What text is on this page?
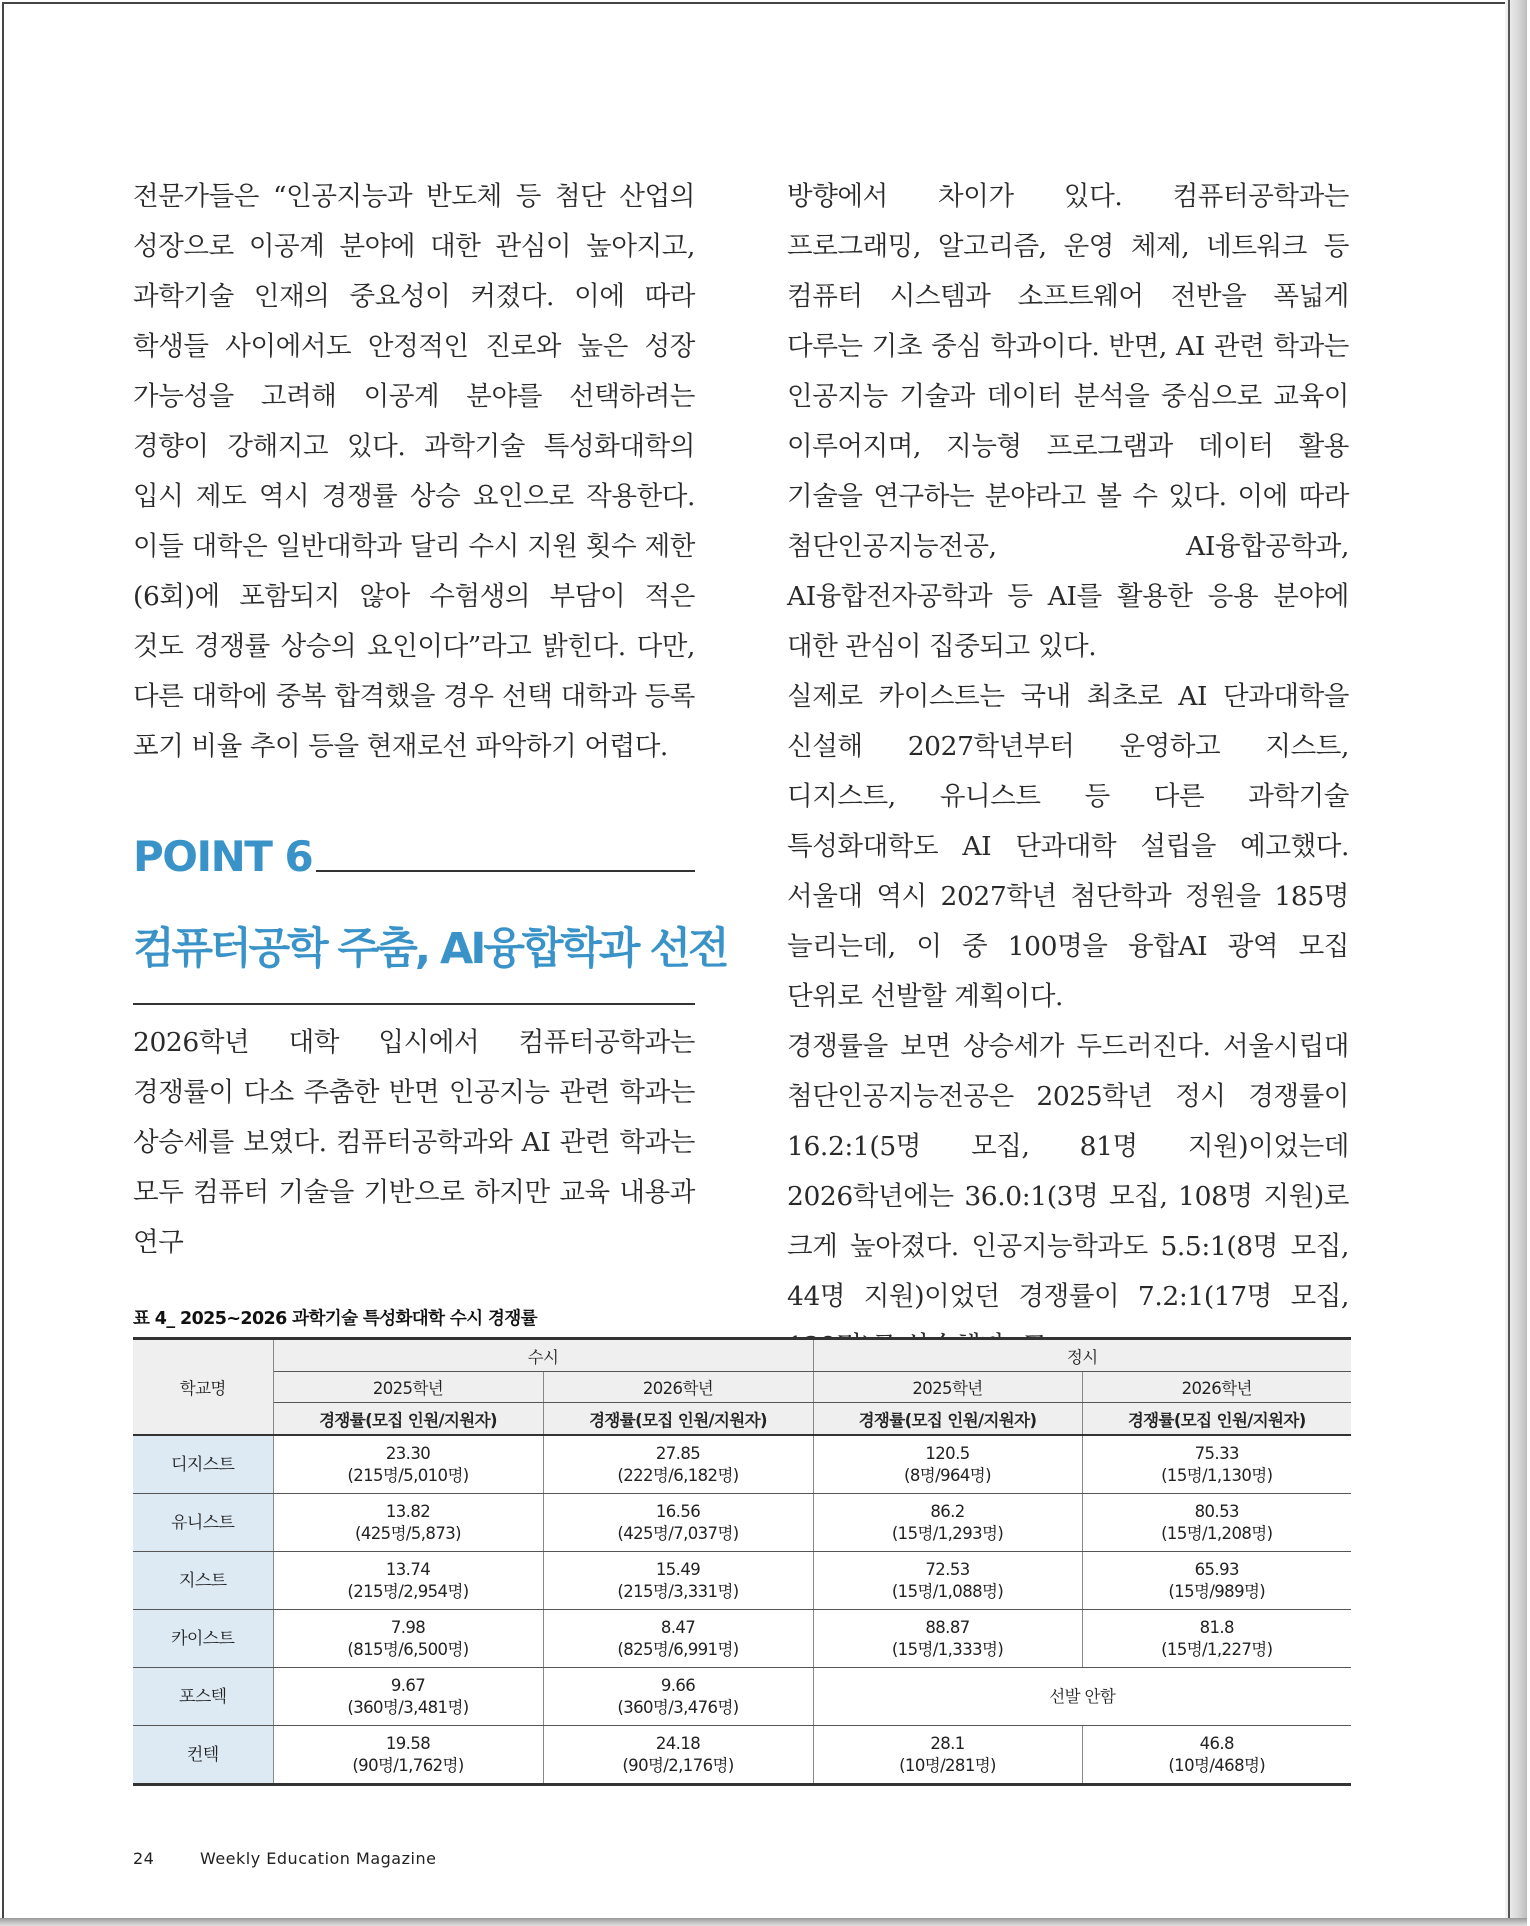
전문가들은 “인공지능과 반도체 등 첨단 산업의 성장으로 이공계 분야에 대한 관심이 높아지고, 과학기술 인재의 중요성이 커졌다. 이에 따라 학생들 사이에서도 안정적인 진로와 높은 성장 가능성을 고려해 이공계 분야를 선택하려는 경향이 강해지고 있다. 과학기술 특성화대학의 입시 제도 역시 경쟁률 상승 요인으로 작용한다. 이들 대학은 일반대학과 달리 수시 지원 횟수 제한(6회)에 포함되지 않아 수험생의 부담이 적은 것도 경쟁률 상승의 요인이다”라고 밝힌다. 다만, 다른 대학에 중복 합격했을 경우 선택 대학과 등록 포기 비율 추이 등을 현재로선 파악하기 어렵다.

POINT 6
컴퓨터공학 주춤, AI융합학과 선전

2026학년 대학 입시에서 컴퓨터공학과는 경쟁률이 다소 주춤한 반면 인공지능 관련 학과는 상승세를 보였다. 컴퓨터공학과와 AI 관련 학과는 모두 컴퓨터 기술을 기반으로 하지만 교육 내용과 연구

방향에서 차이가 있다. 컴퓨터공학과는 프로그래밍, 알고리즘, 운영 체제, 네트워크 등 컴퓨터 시스템과 소프트웨어 전반을 폭넓게 다루는 기초 중심 학과이다. 반면, AI 관련 학과는 인공지능 기술과 데이터 분석을 중심으로 교육이 이루어지며, 지능형 프로그램과 데이터 활용 기술을 연구하는 분야라고 볼 수 있다. 이에 따라 첨단인공지능전공, AI융합공학과, AI융합전자공학과 등 AI를 활용한 응용 분야에 대한 관심이 집중되고 있다.

실제로 카이스트는 국내 최초로 AI 단과대학을 신설해 2027학년부터 운영하고 지스트, 디지스트, 유니스트 등 다른 과학기술 특성화대학도 AI 단과대학 설립을 예고했다. 서울대 역시 2027학년 첨단학과 정원을 185명 늘리는데, 이 중 100명을 융합AI 광역 모집 단위로 선발할 계획이다.

경쟁률을 보면 상승세가 두드러진다. 서울시립대 첨단인공지능전공은 2025학년 정시 경쟁률이 16.2:1(5명 모집, 81명 지원)이었는데 2026학년에는 36.0:1(3명 모집, 108명 지원)로 크게 높아졌다. 인공지능학과도 5.5:1(8명 모집, 44명 지원)이었던 경쟁률이 7.2:1(17명 모집,

표 4_ 2025~2026 과학기술 특성화대학 수시 경쟁률
학교명	수시		정시	
	2025학년	2026학년	2025학년	2026학년
	경쟁률(모집 인원/지원자)	경쟁률(모집 인원/지원자)	경쟁률(모집 인원/지원자)	경쟁률(모집 인원/지원자)
디지스트	23.30
(215명/5,010명)	27.85
(222명/6,182명)	120.5
(8명/964명)	75.33
(15명/1,130명)

유니스트	13.82
(425명/5,873)	16.56
(425명/7,037명)	86.2
(15명/1,293명)	80.53
(15명/1,208명)

지스트	13.74
(215명/2,954명)	15.49
(215명/3,331명)	72.53
(15명/1,088명)	65.93
(15명/989명)

카이스트	7.98
(815명/6,500명)	8.47
(825명/6,991명)	88.87
(15명/1,333명)	81.8
(15명/1,227명)

포스텍	9.67
(360명/3,481명)	9.66
(360명/3,476명)	선발 안함	
컨텍	19.58
(90명/1,762명)	24.18
(90명/2,176명)	28.1
(10명/281명)	46.8
(10명/468명)
24	Weekly Education Magazine
